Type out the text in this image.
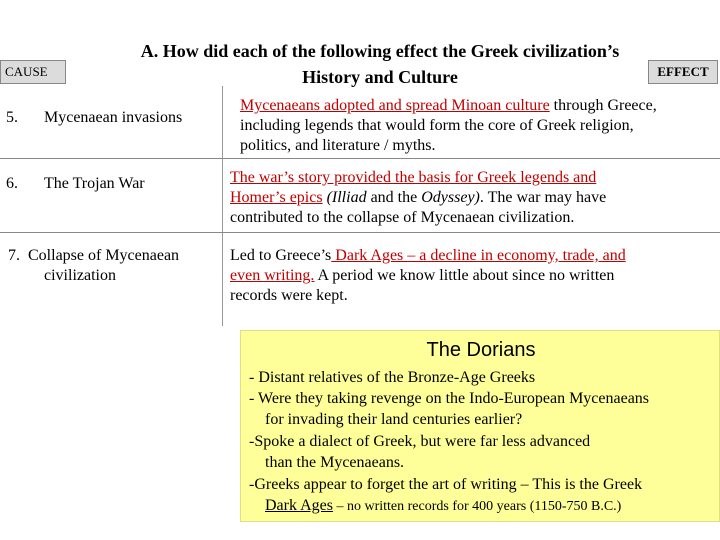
A. How did each of the following effect the Greek civilization’s
History and Culture
CAUSE	EFFECT
5. Mycenaean invasions
Mycenaeans adopted and spread Minoan culture through Greece,
including legends that would form the core of Greek religion,
politics, and literature / myths.
6. The Trojan War	The war’s story provided the basis for Greek legends and
Homer’s epics (Illiad and the Odyssey). The war may have
contributed to the collapse of Mycenaean civilization.
7. Collapse of Mycenaean
civilization
Led to Greece’s Dark Ages – a decline in economy, trade, and
even writing. A period we know little about since no written
records were kept.
The Dorians
- Distant relatives of the Bronze-Age Greeks
- Were they taking revenge on the Indo-European Mycenaeans
for invading their land centuries earlier?
-Spoke a dialect of Greek, but were far less advanced
than the Mycenaeans.
-Greeks appear to forget the art of writing – This is the Greek
Dark Ages – no written records for 400 years (1150-750 B.C.)
